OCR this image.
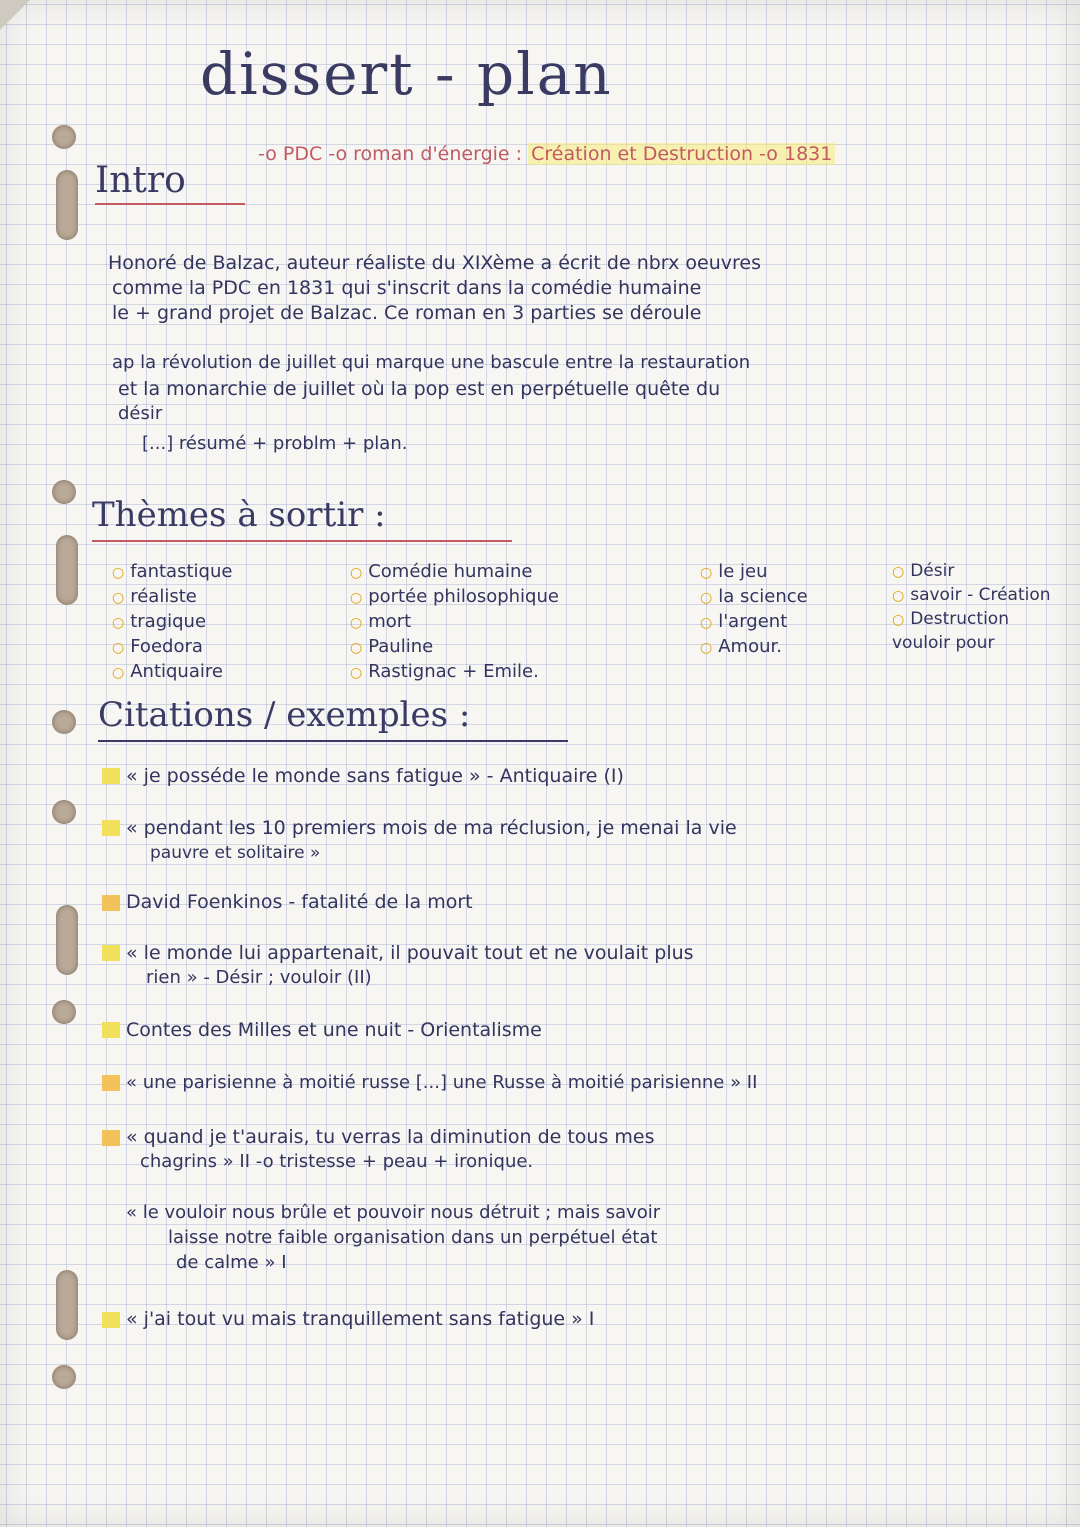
dissert - plan
Intro
-o PDC -o roman d'énergie : Création et Destruction -o 1831
Honoré de Balzac, auteur réaliste du XIXème a écrit de nbrx oeuvres
comme la PDC en 1831 qui s'inscrit dans la comédie humaine
le + grand projet de Balzac. Ce roman en 3 parties se déroule
ap la révolution de juillet qui marque une bascule entre la restauration
et la monarchie de juillet où la pop est en perpétuelle quête du
désir
[...] résumé + problm + plan.
Thèmes à sortir :
○ fantastique
○ réaliste
○ tragique
○ Foedora
○ Antiquaire
○ Comédie humaine
○ portée philosophique
○ mort
○ Pauline
○ Rastignac + Emile.
○ le jeu
○ la science
○ l'argent
○ Amour.
○ Désir
○ savoir - Création
○ Destruction
vouloir pour
Citations / exemples :
« je posséde le monde sans fatigue » - Antiquaire (I)
« pendant les 10 premiers mois de ma réclusion, je menai la vie
pauvre et solitaire »
David Foenkinos - fatalité de la mort
« le monde lui appartenait, il pouvait tout et ne voulait plus
rien » - Désir ; vouloir (II)
Contes des Milles et une nuit - Orientalisme
« une parisienne à moitié russe [...] une Russe à moitié parisienne » II
« quand je t'aurais, tu verras la diminution de tous mes
chagrins » II -o tristesse + peau + ironique.
« le vouloir nous brûle et pouvoir nous détruit ; mais savoir
laisse notre faible organisation dans un perpétuel état
de calme » I
« j'ai tout vu mais tranquillement sans fatigue » I
